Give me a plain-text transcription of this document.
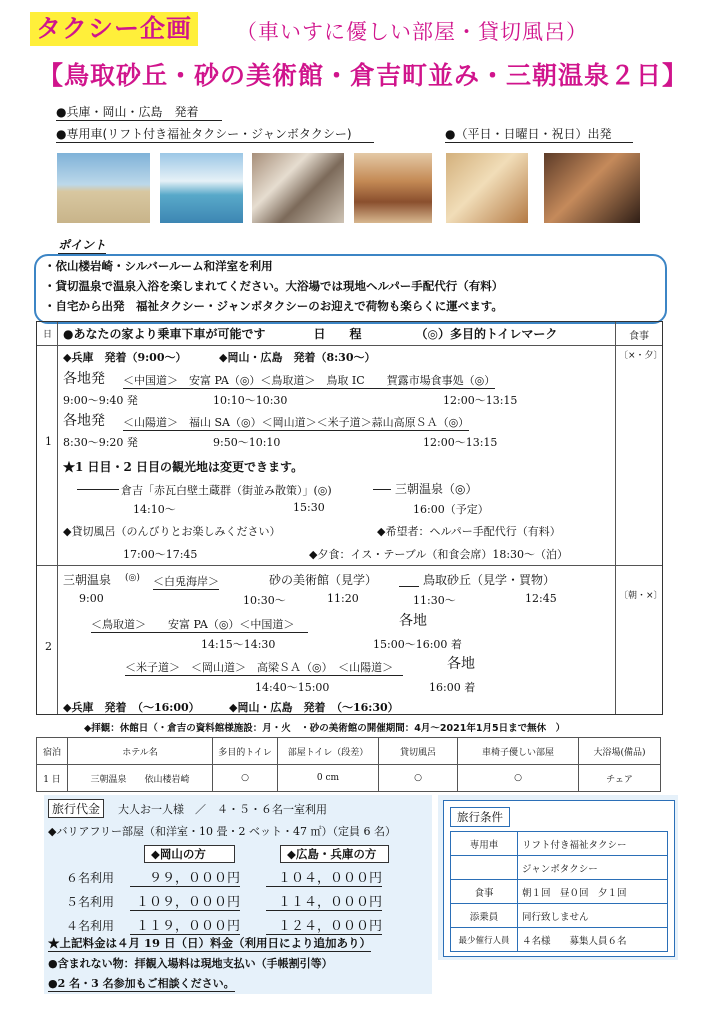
タクシー企画 （車いすに優しい部屋・貸切風呂）
【鳥取砂丘・砂の美術館・倉吉町並み・三朝温泉２日】
●兵庫・岡山・広島　発着
●専用車(リフト付き福祉タクシー・ジャンボタクシー)	●（平日・日曜日・祝日）出発
ポイント
・依山楼岩崎・シルバールーム和洋室を利用
・貸切温泉で温泉入浴を楽しまれてください。大浴場では現地ヘルパー手配代行（有料）
・自宅から出発　福祉タクシー・ジャンボタクシーのお迎えで荷物も楽らくに運べます。
日 ●あなたの家より乗車下車が可能です　　　　日　　程　　　　　（◎）多目的トイレマーク	食事
1
〔×・夕〕
◆兵庫　発着（9:00～）	◆岡山・広島　発着（8:30～）
各地発 ＜中国道＞　安富 PA（◎）＜鳥取道＞　鳥取 IC　　賀露市場食事処（◎）
9:00～9:40 発	10:10～10:30	12:00～13:15
各地発 ＜山陽道＞　福山 SA（◎）＜岡山道＞＜米子道＞蒜山高原ＳＡ（◎）
8:30～9:20 発	9:50～10:10	12:00～13:15
★1 日目・2 日目の観光地は変更できます。
倉吉「赤瓦白壁土蔵群（街並み散策）」(◎)	三朝温泉（◎）
14:10～	15:30	16:00（予定）
◆貸切風呂（のんびりとお楽しみください）	◆希望者：ヘルパー手配代行（有料）
17:00～17:45	◆夕食：イス・テーブル（和食会席）18:30～（泊）
2
〔朝・×〕
三朝温泉 (◎) ＜白兎海岸＞	砂の美術館（見学）	鳥取砂丘（見学・買物）
9:00	10:30～	11:20	11:30～	12:45
＜鳥取道＞　　安富 PA（◎）＜中国道＞	各地
14:15～14:30	15:00～16:00 着
＜米子道＞　＜岡山道＞　高梁ＳＡ（◎）　＜山陽道＞	各地
14:40～15:00	16:00 着
◆兵庫　発着　（～16:00）	◆岡山・広島　発着　（～16:30）
◆拝観：休館日（・倉吉の資料館様施設：月・火　・砂の美術館の開催期間：4月～2021年1月5日まで無休　）
宿泊	ホテル名	多目的トイレ	部屋トイレ（段差）	貸切風呂	車椅子優しい部屋	大浴場(備品)
1 日	三朝温泉　　依山楼岩崎	○	0 cm	○	○	チェア
旅行代金	大人お一人様　／　４・５・６名一室利用
◆バリアフリー部屋（和洋室・10 畳・2 ベット・47 ㎡）（定員 6 名）
◆岡山の方	◆広島・兵庫の方
６名利用	９９，０００円	１０４，０００円
５名利用	１０９，０００円	１１４，０００円
４名利用	１１９，０００円	１２４，０００円
★上記料金は４月 19 日（日）料金（利用日により追加あり）
●含まれない物：拝観入場料は現地支払い（手帳割引等）
●2 名・3 名参加もご相談ください。
旅行条件
専用車	リフト付き福祉タクシー
	ジャンボタクシー
食事	朝１回　昼０回　夕１回
添乗員	同行致しません
最少催行人員	４名様　　募集人員６名
